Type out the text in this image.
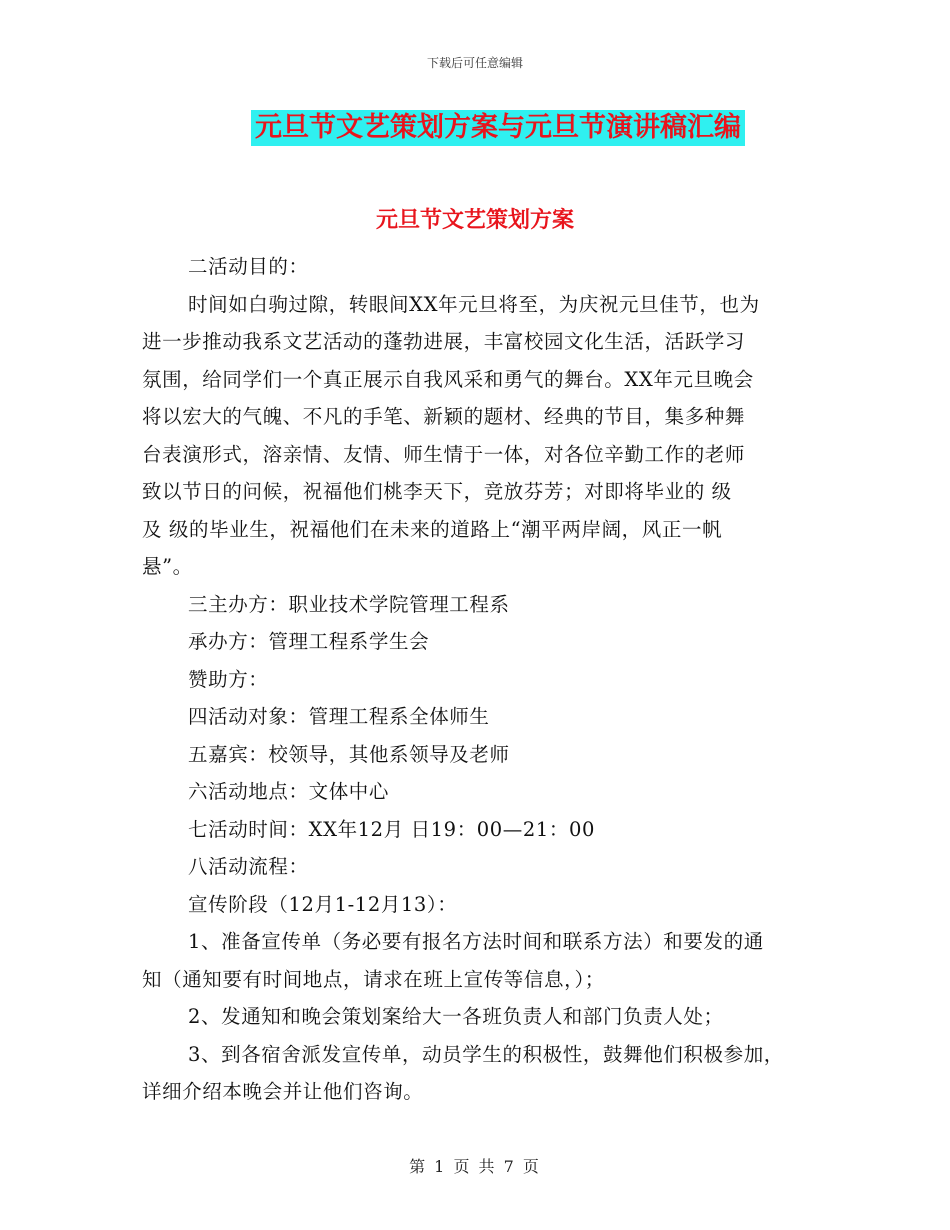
下载后可任意编辑
元旦节文艺策划方案与元旦节演讲稿汇编
元旦节文艺策划方案
二活动目的：
时间如白驹过隙，转眼间XX年元旦将至，为庆祝元旦佳节，也为
进一步推动我系文艺活动的蓬勃进展，丰富校园文化生活，活跃学习
氛围，给同学们一个真正展示自我风采和勇气的舞台。XX年元旦晚会
将以宏大的气魄、不凡的手笔、新颖的题材、经典的节目，集多种舞
台表演形式，溶亲情、友情、师生情于一体，对各位辛勤工作的老师
致以节日的问候，祝福他们桃李天下，竞放芬芳；对即将毕业的 级
及 级的毕业生，祝福他们在未来的道路上“潮平两岸阔，风正一帆
悬”。
三主办方：职业技术学院管理工程系
承办方：管理工程系学生会
赞助方：
四活动对象：管理工程系全体师生
五嘉宾：校领导，其他系领导及老师
六活动地点：文体中心
七活动时间：XX年12月 日19：00—21：00
八活动流程：
宣传阶段（12月1-12月13）：
1、准备宣传单（务必要有报名方法时间和联系方法）和要发的通
知（通知要有时间地点，请求在班上宣传等信息，）；
2、发通知和晚会策划案给大一各班负责人和部门负责人处；
3、到各宿舍派发宣传单，动员学生的积极性，鼓舞他们积极参加，
详细介绍本晚会并让他们咨询。
第 1 页 共 7 页
